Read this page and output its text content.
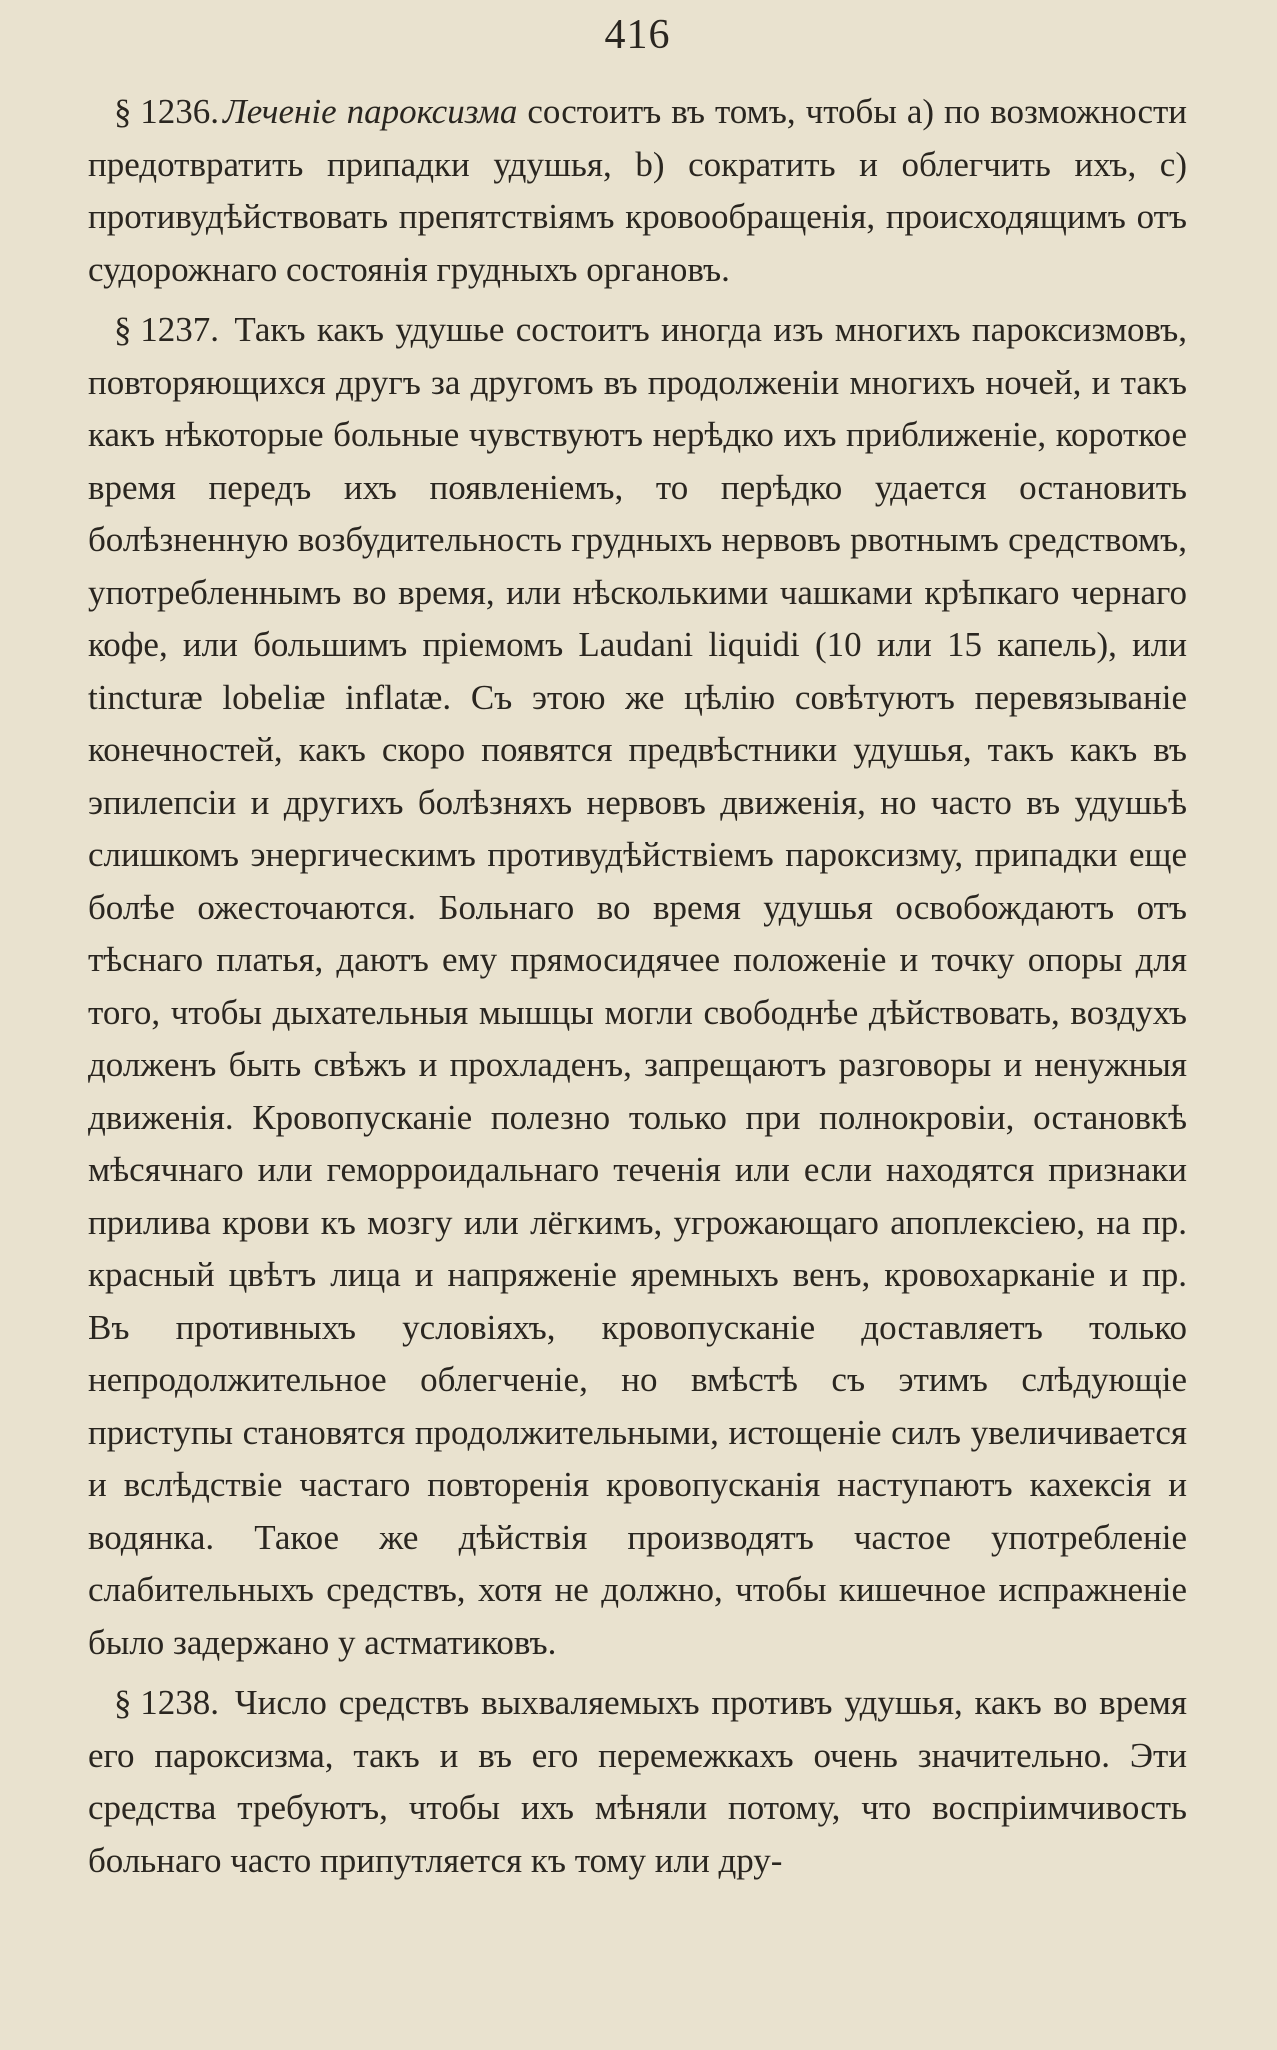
416

§ 1236. Леченіе пароксизма состоитъ въ томъ, чтобы a) по возможности предотвратить припадки удушья, b) сократить и облегчить ихъ, c) противудѣйствовать препятствіямъ кровообращенія, происходящимъ отъ судорожнаго состоянія грудныхъ органовъ.

§ 1237. Такъ какъ удушье состоитъ иногда изъ многихъ пароксизмовъ, повторяющихся другъ за другомъ въ продолженіи многихъ ночей, и такъ какъ нѣкоторые больные чувствуютъ нерѣдко ихъ приближеніе, короткое время передъ ихъ появленіемъ, то перѣдко удается остановить болѣзненную возбудительность грудныхъ нервовъ рвотнымъ средствомъ, употребленнымъ во время, или нѣсколькими чашками крѣпкаго чернаго кофе, или большимъ пріемомъ Laudani liquidi (10 или 15 капель), или tincturæ lobeliæ inflatæ. Съ этою же цѣлію совѣтуютъ перевязываніе конечностей, какъ скоро появятся предвѣстники удушья, такъ какъ въ эпилепсіи и другихъ болѣзняхъ нервовъ движенія, но часто въ удушьѣ слишкомъ энергическимъ противудѣйствіемъ пароксизму, припадки еще болѣе ожесточаются. Больнаго во время удушья освобождаютъ отъ тѣснаго платья, даютъ ему прямосидячее положеніе и точку опоры для того, чтобы дыхательныя мышцы могли свободнѣе дѣйствовать, воздухъ долженъ быть свѣжъ и прохладенъ, запрещаютъ разговоры и ненужныя движенія. Кровопусканіе полезно только при полнокровіи, остановкѣ мѣсячнаго или геморроидальнаго теченія или если находятся признаки прилива крови къ мозгу или лёгкимъ, угрожающаго апоплексіею, на пр. красный цвѣтъ лица и напряженіе яремныхъ венъ, кровохарканіе и пр. Въ противныхъ условіяхъ, кровопусканіе доставляетъ только непродолжительное облегченіе, но вмѣстѣ съ этимъ слѣдующіе приступы становятся продолжительными, истощеніе силъ увеличивается и вслѣдствіе частаго повторенія кровопусканія наступаютъ кахексія и водянка. Такое же дѣйствія производятъ частое употребленіе слабительныхъ средствъ, хотя не должно, чтобы кишечное испражненіе было задержано у астматиковъ.

§ 1238. Число средствъ выхваляемыхъ противъ удушья, какъ во время его пароксизма, такъ и въ его перемежкахъ очень значительно. Эти средства требуютъ, чтобы ихъ мѣняли потому, что воспріимчивость больнаго часто припутляется къ тому или дру-
